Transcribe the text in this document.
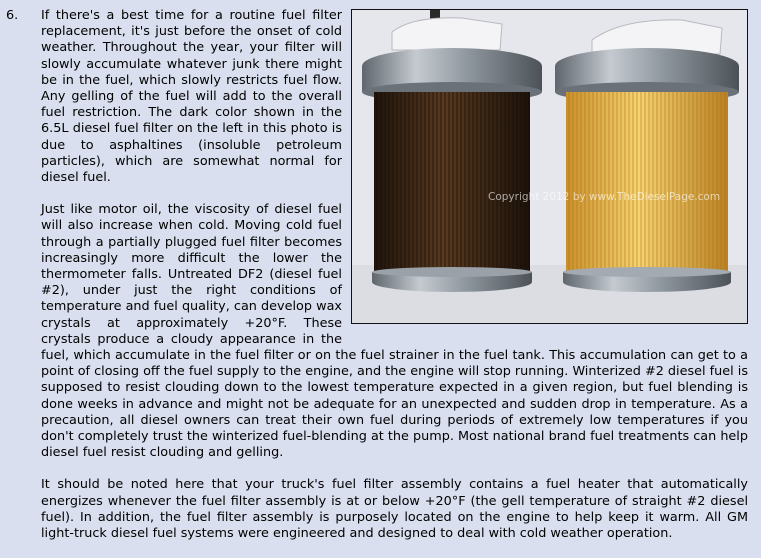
6.
Copyright 2012 by www.TheDieselPage.com

If there's a best time for a routine fuel filter replacement, it's just before the onset of cold weather. Throughout the year, your filter will slowly accumulate whatever junk there might be in the fuel, which slowly restricts fuel flow. Any gelling of the fuel will add to the overall fuel restriction. The dark color shown in the 6.5L diesel fuel filter on the left in this photo is due to asphaltines (insoluble petroleum particles), which are somewhat normal for diesel fuel.

Just like motor oil, the viscosity of diesel fuel will also increase when cold. Moving cold fuel through a partially plugged fuel filter becomes increasingly more difficult the lower the thermometer falls. Untreated DF2 (diesel fuel #2), under just the right conditions of temperature and fuel quality, can develop wax crystals at approximately +20°F. These crystals produce a cloudy appearance in the fuel, which accumulate in the fuel filter or on the fuel strainer in the fuel tank. This accumulation can get to a point of closing off the fuel supply to the engine, and the engine will stop running. Winterized #2 diesel fuel is supposed to resist clouding down to the lowest temperature expected in a given region, but fuel blending is done weeks in advance and might not be adequate for an unexpected and sudden drop in temperature. As a precaution, all diesel owners can treat their own fuel during periods of extremely low temperatures if you don't completely trust the winterized fuel-blending at the pump. Most national brand fuel treatments can help diesel fuel resist clouding and gelling.

It should be noted here that your truck's fuel filter assembly contains a fuel heater that automatically energizes whenever the fuel filter assembly is at or below +20°F (the gell temperature of straight #2 diesel fuel). In addition, the fuel filter assembly is purposely located on the engine to help keep it warm. All GM light-truck diesel fuel systems were engineered and designed to deal with cold weather operation.
